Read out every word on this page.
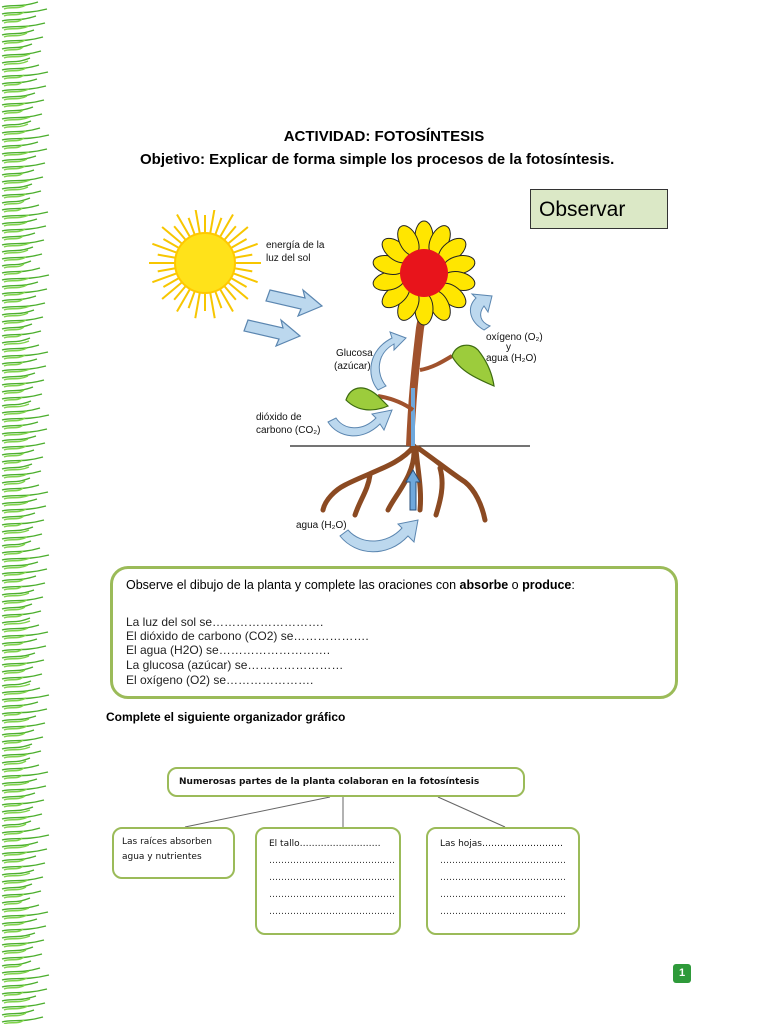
ACTIVIDAD: FOTOSÍNTESIS
Objetivo: Explicar de forma simple los procesos de la fotosíntesis.
Observar
energía de la
luz del sol
Glucosa
(azúcar)
oxígeno (O₂)
y
agua (H₂O)
dióxido de
carbono (CO₂)
agua (H₂O)
Observe el dibujo de la planta y complete las oraciones con absorbe o produce:
La luz del sol se……………………….
El dióxido de carbono (CO2) se……………….
El agua (H2O) se……………………….
La glucosa (azúcar) se……………………
El oxígeno (O2) se………………….
Complete el siguiente organizador gráfico
Numerosas partes de la planta colaboran en la fotosíntesis
Las raíces absorben
agua y nutrientes
El tallo………………………
……………………………………
……………………………………
……………………………………
……………………………………
Las hojas………………………
……………………………………
……………………………………
……………………………………
……………………………………
1
